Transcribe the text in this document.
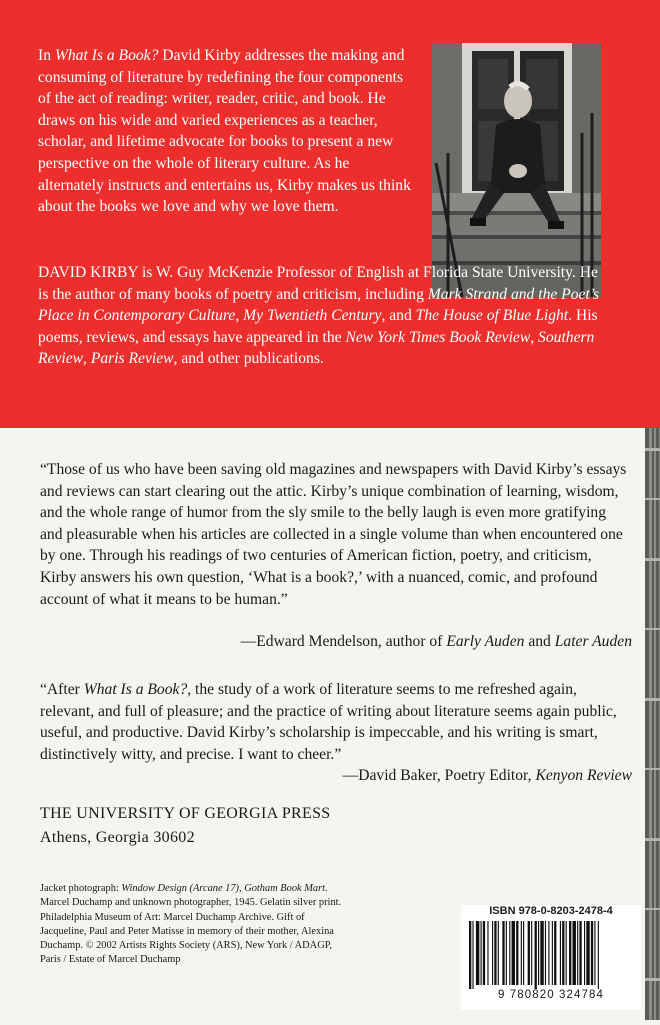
In What Is a Book? David Kirby addresses the making and consuming of literature by redefining the four components of the act of reading: writer, reader, critic, and book. He draws on his wide and varied experiences as a teacher, scholar, and lifetime advocate for books to present a new perspective on the whole of literary culture. As he alternately instructs and entertains us, Kirby makes us think about the books we love and why we love them.

DAVID KIRBY is W. Guy McKenzie Professor of English at Florida State University. He is the author of many books of poetry and criticism, including Mark Strand and the Poet’s Place in Contemporary Culture, My Twentieth Century, and The House of Blue Light. His poems, reviews, and essays have appeared in the New York Times Book Review, Southern Review, Paris Review, and other publications.

“Those of us who have been saving old magazines and newspapers with David Kirby’s essays and reviews can start clearing out the attic. Kirby’s unique combination of learning, wisdom, and the whole range of humor from the sly smile to the belly laugh is even more gratifying and pleasurable when his articles are collected in a single volume than when encountered one by one. Through his readings of two centuries of American fiction, poetry, and criticism, Kirby answers his own question, ‘What is a book?,’ with a nuanced, comic, and profound account of what it means to be human.”

—Edward Mendelson, author of Early Auden and Later Auden

“After What Is a Book?, the study of a work of literature seems to me refreshed again, relevant, and full of pleasure; and the practice of writing about literature seems again public, useful, and productive. David Kirby’s scholarship is impeccable, and his writing is smart, distinctively witty, and precise. I want to cheer.”

—David Baker, Poetry Editor, Kenyon Review

THE UNIVERSITY OF GEORGIA PRESS
Athens, Georgia 30602

Jacket photograph: Window Design (Arcane 17), Gotham Book Mart. Marcel Duchamp and unknown photographer, 1945. Gelatin silver print. Philadelphia Museum of Art: Marcel Duchamp Archive. Gift of Jacqueline, Paul and Peter Matisse in memory of their mother, Alexina Duchamp. © 2002 Artists Rights Society (ARS), New York / ADAGP, Paris / Estate of Marcel Duchamp

ISBN 978-0-8203-2478-4
9 780820 324784
